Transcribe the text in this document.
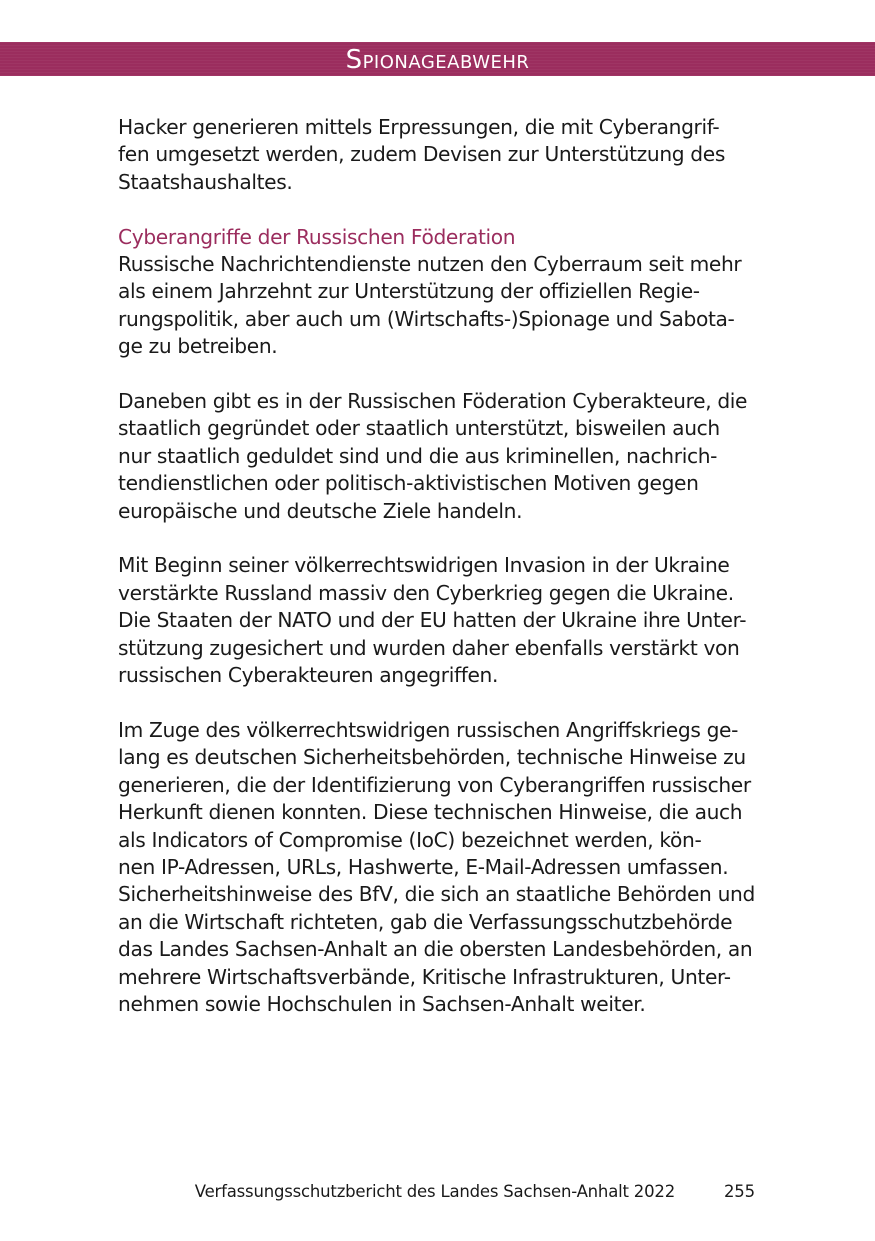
Spionageabwehr

Hacker generieren mittels Erpressungen, die mit Cyberangrif-
fen umgesetzt werden, zudem Devisen zur Unterstützung des
Staatshaushaltes.

Cyberangriffe der Russischen Föderation
Russische Nachrichtendienste nutzen den Cyberraum seit mehr
als einem Jahrzehnt zur Unterstützung der offiziellen Regie-
rungspolitik, aber auch um (Wirtschafts-)Spionage und Sabota-
ge zu betreiben.

Daneben gibt es in der Russischen Föderation Cyberakteure, die
staatlich gegründet oder staatlich unterstützt, bisweilen auch
nur staatlich geduldet sind und die aus kriminellen, nachrich-
tendienstlichen oder politisch-aktivistischen Motiven gegen
europäische und deutsche Ziele handeln.

Mit Beginn seiner völkerrechtswidrigen Invasion in der Ukraine
verstärkte Russland massiv den Cyberkrieg gegen die Ukraine.
Die Staaten der NATO und der EU hatten der Ukraine ihre Unter-
stützung zugesichert und wurden daher ebenfalls verstärkt von
russischen Cyberakteuren angegriffen.

Im Zuge des völkerrechtswidrigen russischen Angriffskriegs ge-
lang es deutschen Sicherheitsbehörden, technische Hinweise zu
generieren, die der Identifizierung von Cyberangriffen russischer
Herkunft dienen konnten. Diese technischen Hinweise, die auch
als Indicators of Compromise (IoC) bezeichnet werden, kön-
nen IP-Adressen, URLs, Hashwerte, E-Mail-Adressen umfassen.
Sicherheitshinweise des BfV, die sich an staatliche Behörden und
an die Wirtschaft richteten, gab die Verfassungsschutzbehörde
das Landes Sachsen-Anhalt an die obersten Landesbehörden, an
mehrere Wirtschaftsverbände, Kritische Infrastrukturen, Unter-
nehmen sowie Hochschulen in Sachsen-Anhalt weiter.

Verfassungsschutzbericht des Landes Sachsen-Anhalt 2022	255
